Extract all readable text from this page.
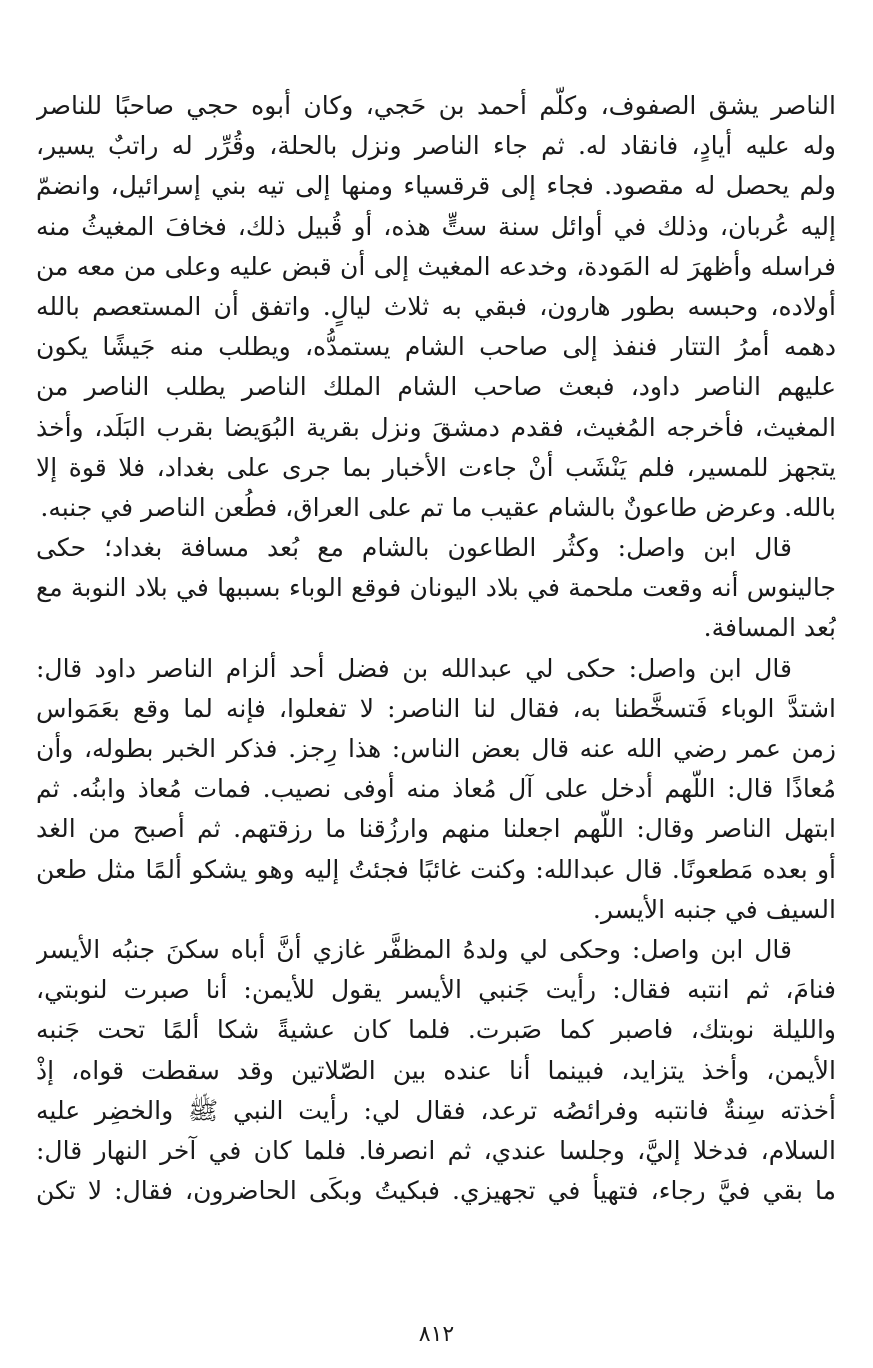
الناصر يشق الصفوف، وكلّم أحمد بن حَجي، وكان أبوه حجي صاحبًا للناصر
وله عليه أيادٍ، فانقاد له. ثم جاء الناصر ونزل بالحلة، وقُرِّر له راتبٌ يسير،
ولم يحصل له مقصود. فجاء إلى قرقسياء ومنها إلى تيه بني إسرائيل، وانضمّ
إليه عُربان، وذلك في أوائل سنة ستٍّ هذه، أو قُبيل ذلك، فخافَ المغيثُ منه
فراسله وأظهرَ له المَودة، وخدعه المغيث إلى أن قبض عليه وعلى من معه من
أولاده، وحبسه بطور هارون، فبقي به ثلاث ليالٍ. واتفق أن المستعصم بالله
دهمه أمرُ التتار فنفذ إلى صاحب الشام يستمدُّه، ويطلب منه جَيشًا يكون
عليهم الناصر داود، فبعث صاحب الشام الملك الناصر يطلب الناصر من
المغيث، فأخرجه المُغيث، فقدم دمشقَ ونزل بقرية البُوَيضا بقرب البَلَد، وأخذ
يتجهز للمسير، فلم يَنْشَب أنْ جاءت الأخبار بما جرى على بغداد، فلا قوة إلا
بالله. وعرض طاعونٌ بالشام عقيب ما تم على العراق، فطُعن الناصر في جنبه.
قال ابن واصل: وكثُر الطاعون بالشام مع بُعد مسافة بغداد؛ حكى
جالينوس أنه وقعت ملحمة في بلاد اليونان فوقع الوباء بسببها في بلاد النوبة مع
بُعد المسافة.
قال ابن واصل: حكى لي عبدالله بن فضل أحد ألزام الناصر داود قال:
اشتدَّ الوباء فَتسخَّطنا به، فقال لنا الناصر: لا تفعلوا، فإنه لما وقع بعَمَواس
زمن عمر رضي الله عنه قال بعض الناس: هذا رِجز. فذكر الخبر بطوله، وأن
مُعاذًا قال: اللّهم أدخل على آل مُعاذ منه أوفى نصيب. فمات مُعاذ وابنُه. ثم
ابتهل الناصر وقال: اللّهم اجعلنا منهم وارزُقنا ما رزقتهم. ثم أصبح من الغد
أو بعده مَطعونًا. قال عبدالله: وكنت غائبًا فجئتُ إليه وهو يشكو ألمًا مثل طعن
السيف في جنبه الأيسر.
قال ابن واصل: وحكى لي ولدهُ المظفَّر غازي أنَّ أباه سكنَ جنبُه الأيسر
فنامَ، ثم انتبه فقال: رأيت جَنبي الأيسر يقول للأيمن: أنا صبرت لنوبتي،
والليلة نوبتك، فاصبر كما صَبرت. فلما كان عشيةً شكا ألمًا تحت جَنبه
الأيمن، وأخذ يتزايد، فبينما أنا عنده بين الصّلاتين وقد سقطت قواه، إذْ
أخذته سِنةٌ فانتبه وفرائصُه ترعد، فقال لي: رأيت النبي ﷺ والخضِر عليه
السلام، فدخلا إليَّ، وجلسا عندي، ثم انصرفا. فلما كان في آخر النهار قال:
ما بقي فيَّ رجاء، فتهيأ في تجهيزي. فبكيتُ وبكَى الحاضرون، فقال: لا تكن
٨١٢
